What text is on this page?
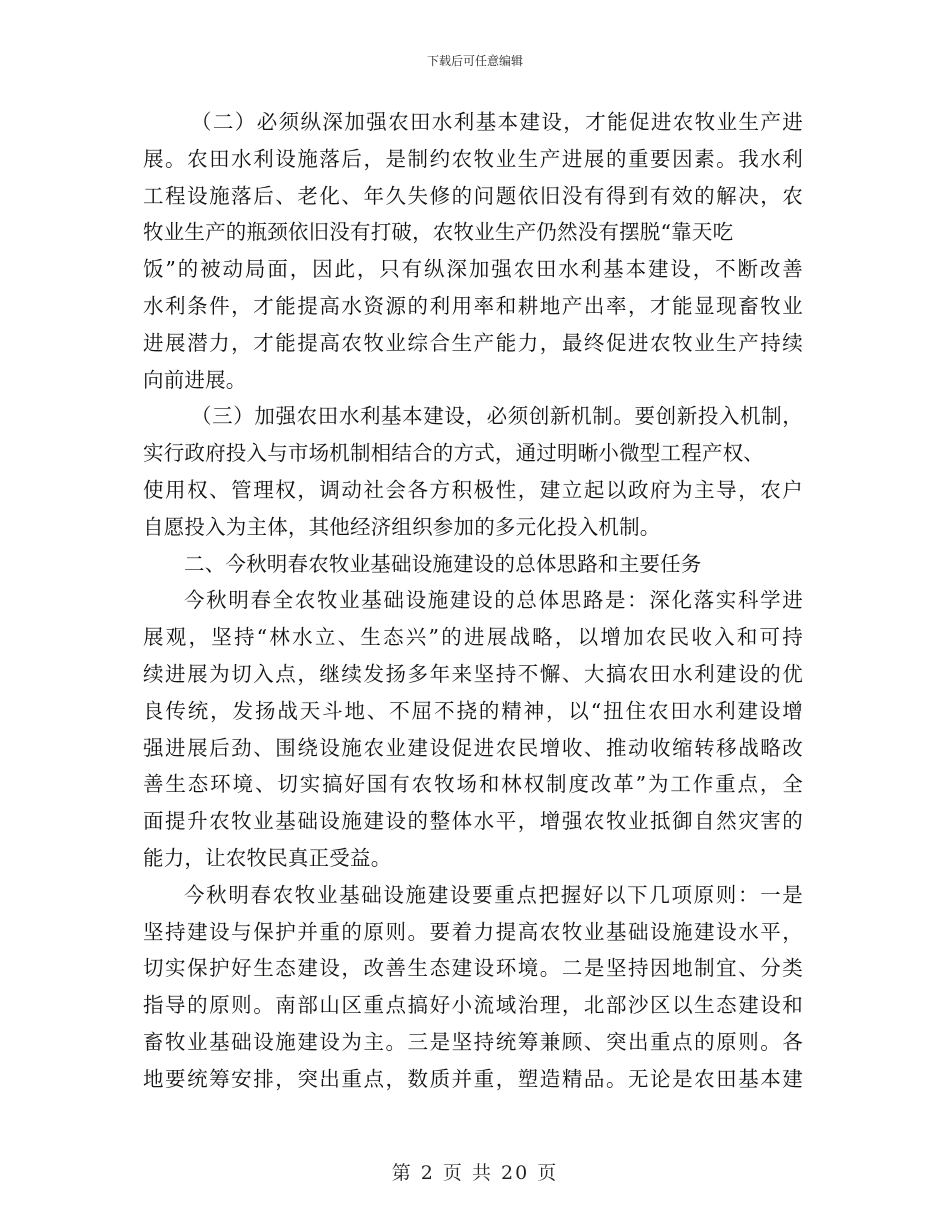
下载后可任意编辑
（二）必须纵深加强农田水利基本建设，才能促进农牧业生产进
展。农田水利设施落后，是制约农牧业生产进展的重要因素。我水利
工程设施落后、老化、年久失修的问题依旧没有得到有效的解决，农
牧业生产的瓶颈依旧没有打破，农牧业生产仍然没有摆脱“靠天吃
饭”的被动局面，因此，只有纵深加强农田水利基本建设，不断改善
水利条件，才能提高水资源的利用率和耕地产出率，才能显现畜牧业
进展潜力，才能提高农牧业综合生产能力，最终促进农牧业生产持续
向前进展。
（三）加强农田水利基本建设，必须创新机制。要创新投入机制，
实行政府投入与市场机制相结合的方式，通过明晰小微型工程产权、
使用权、管理权，调动社会各方积极性，建立起以政府为主导，农户
自愿投入为主体，其他经济组织参加的多元化投入机制。
二、今秋明春农牧业基础设施建设的总体思路和主要任务
今秋明春全农牧业基础设施建设的总体思路是：深化落实科学进
展观，坚持“林水立、生态兴”的进展战略，以增加农民收入和可持
续进展为切入点，继续发扬多年来坚持不懈、大搞农田水利建设的优
良传统，发扬战天斗地、不屈不挠的精神，以“扭住农田水利建设增
强进展后劲、围绕设施农业建设促进农民增收、推动收缩转移战略改
善生态环境、切实搞好国有农牧场和林权制度改革”为工作重点，全
面提升农牧业基础设施建设的整体水平，增强农牧业抵御自然灾害的
能力，让农牧民真正受益。
今秋明春农牧业基础设施建设要重点把握好以下几项原则：一是
坚持建设与保护并重的原则。要着力提高农牧业基础设施建设水平，
切实保护好生态建设，改善生态建设环境。二是坚持因地制宜、分类
指导的原则。南部山区重点搞好小流域治理，北部沙区以生态建设和
畜牧业基础设施建设为主。三是坚持统筹兼顾、突出重点的原则。各
地要统筹安排，突出重点，数质并重，塑造精品。无论是农田基本建
第 2 页 共 20 页
